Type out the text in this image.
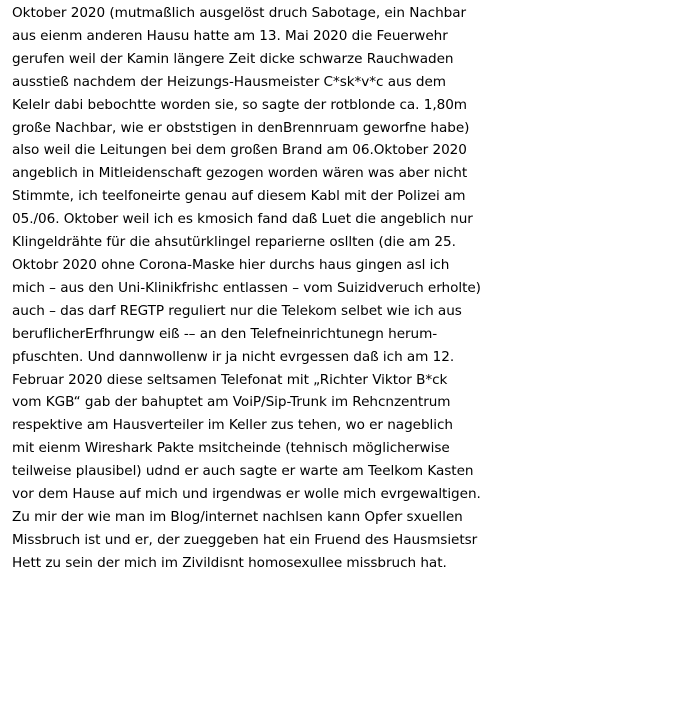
Oktober 2020 (mutmaßlich ausgelöst druch Sabotage, ein Nachbar
aus eienm anderen Hausu hatte am 13. Mai 2020 die Feuerwehr
gerufen weil der Kamin längere Zeit dicke schwarze Rauchwaden
ausstieß nachdem der Heizungs-Hausmeister C*sk*v*c aus dem
Kelelr dabi bebochtte worden sie, so sagte der rotblonde ca. 1,80m
große Nachbar, wie er obststigen in denBrennruam geworfne habe)
also weil die Leitungen bei dem großen Brand am 06.Oktober 2020
angeblich in Mitleidenschaft gezogen worden wären was aber nicht
Stimmte, ich teelfoneirte genau auf diesem Kabl mit der Polizei am
05./06. Oktober weil ich es kmosich fand daß Luet die angeblich nur
Klingeldrähte für die ahsutürklingel reparierne osllten (die am 25.
Oktobr 2020 ohne Corona-Maske hier durchs haus gingen asl ich
mich – aus den Uni-Klinikfrishc entlassen – vom Suizidveruch erholte)
auch – das darf REGTP reguliert nur die Telekom selbet wie ich aus
beruflicherErfhrungw eiß -– an den Telefneinrichtunegn herum-
pfuschten. Und dannwollenw ir ja nicht evrgessen daß ich am 12.
Februar 2020 diese seltsamen Telefonat mit „Richter Viktor B*ck
vom KGB“ gab der bahuptet am VoiP/Sip-Trunk im Rehcnzentrum
respektive am Hausverteiler im Keller zus tehen, wo er nageblich
mit eienm Wireshark Pakte msitcheinde (tehnisch möglicherwise
teilweise plausibel) udnd er auch sagte er warte am Teelkom Kasten
vor dem Hause auf mich und irgendwas er wolle mich evrgewaltigen.
Zu mir der wie man im Blog/internet nachlsen kann Opfer sxuellen
Missbruch ist und er, der zueggeben hat ein Fruend des Hausmsietsr
Hett zu sein der mich im Zivildisnt homosexullee missbruch hat.
